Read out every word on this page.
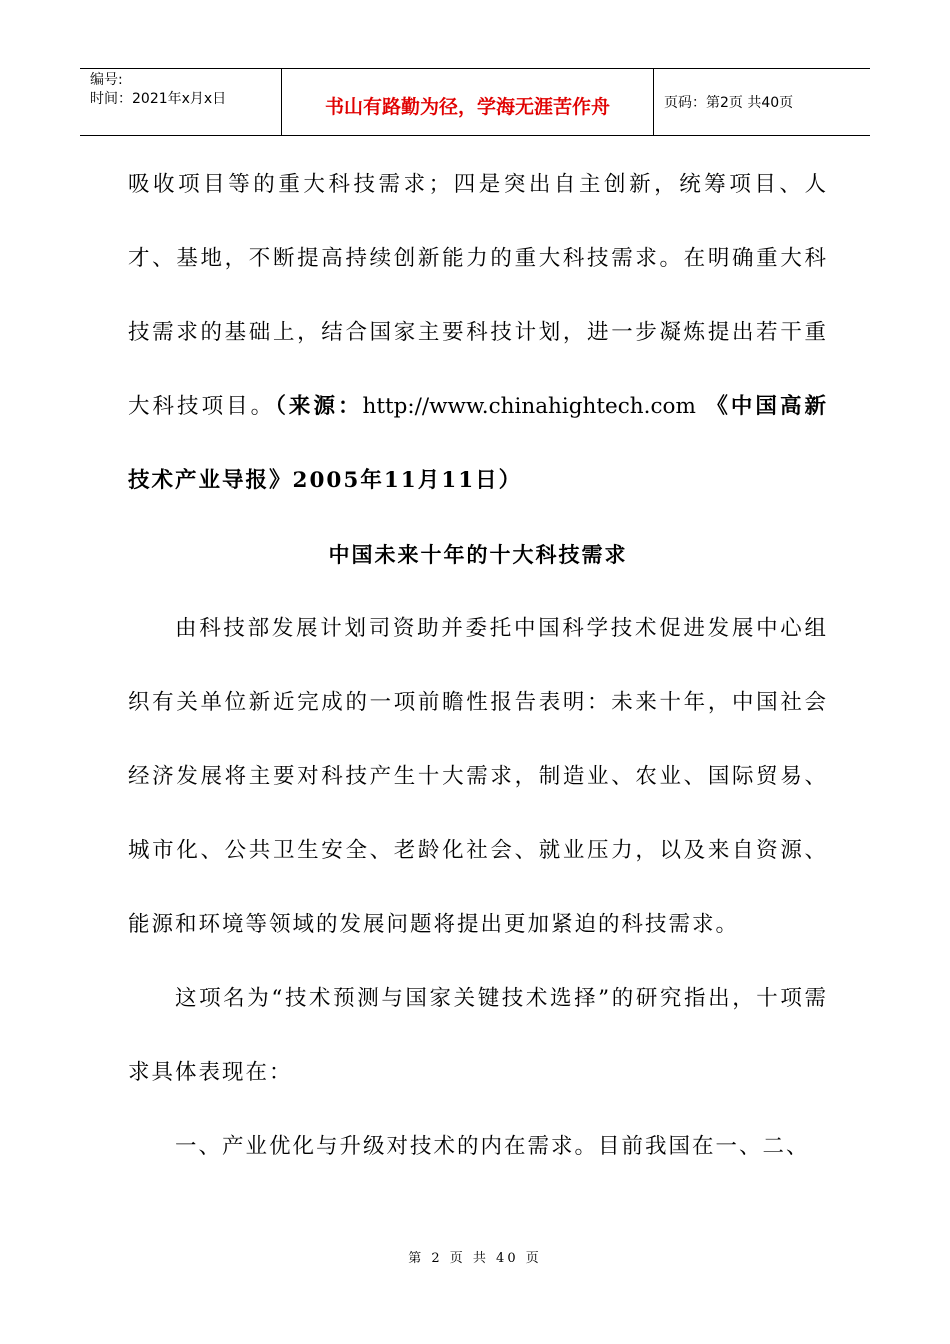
编号:
时间：2021年x月x日	书山有路勤为径，学海无涯苦作舟	页码：第2页 共40页

吸收项目等的重大科技需求；四是突出自主创新，统筹项目、人才、基地，不断提高持续创新能力的重大科技需求。在明确重大科技需求的基础上，结合国家主要科技计划，进一步凝炼提出若干重大科技项目。（来源：http://www.chinahightech.com 《中国高新技术产业导报》2005年11月11日）

中国未来十年的十大科技需求

由科技部发展计划司资助并委托中国科学技术促进发展中心组织有关单位新近完成的一项前瞻性报告表明：未来十年，中国社会经济发展将主要对科技产生十大需求，制造业、农业、国际贸易、城市化、公共卫生安全、老龄化社会、就业压力，以及来自资源、能源和环境等领域的发展问题将提出更加紧迫的科技需求。

这项名为“技术预测与国家关键技术选择”的研究指出，十项需求具体表现在：

一、产业优化与升级对技术的内在需求。目前我国在一、二、

第 2 页 共 40 页
